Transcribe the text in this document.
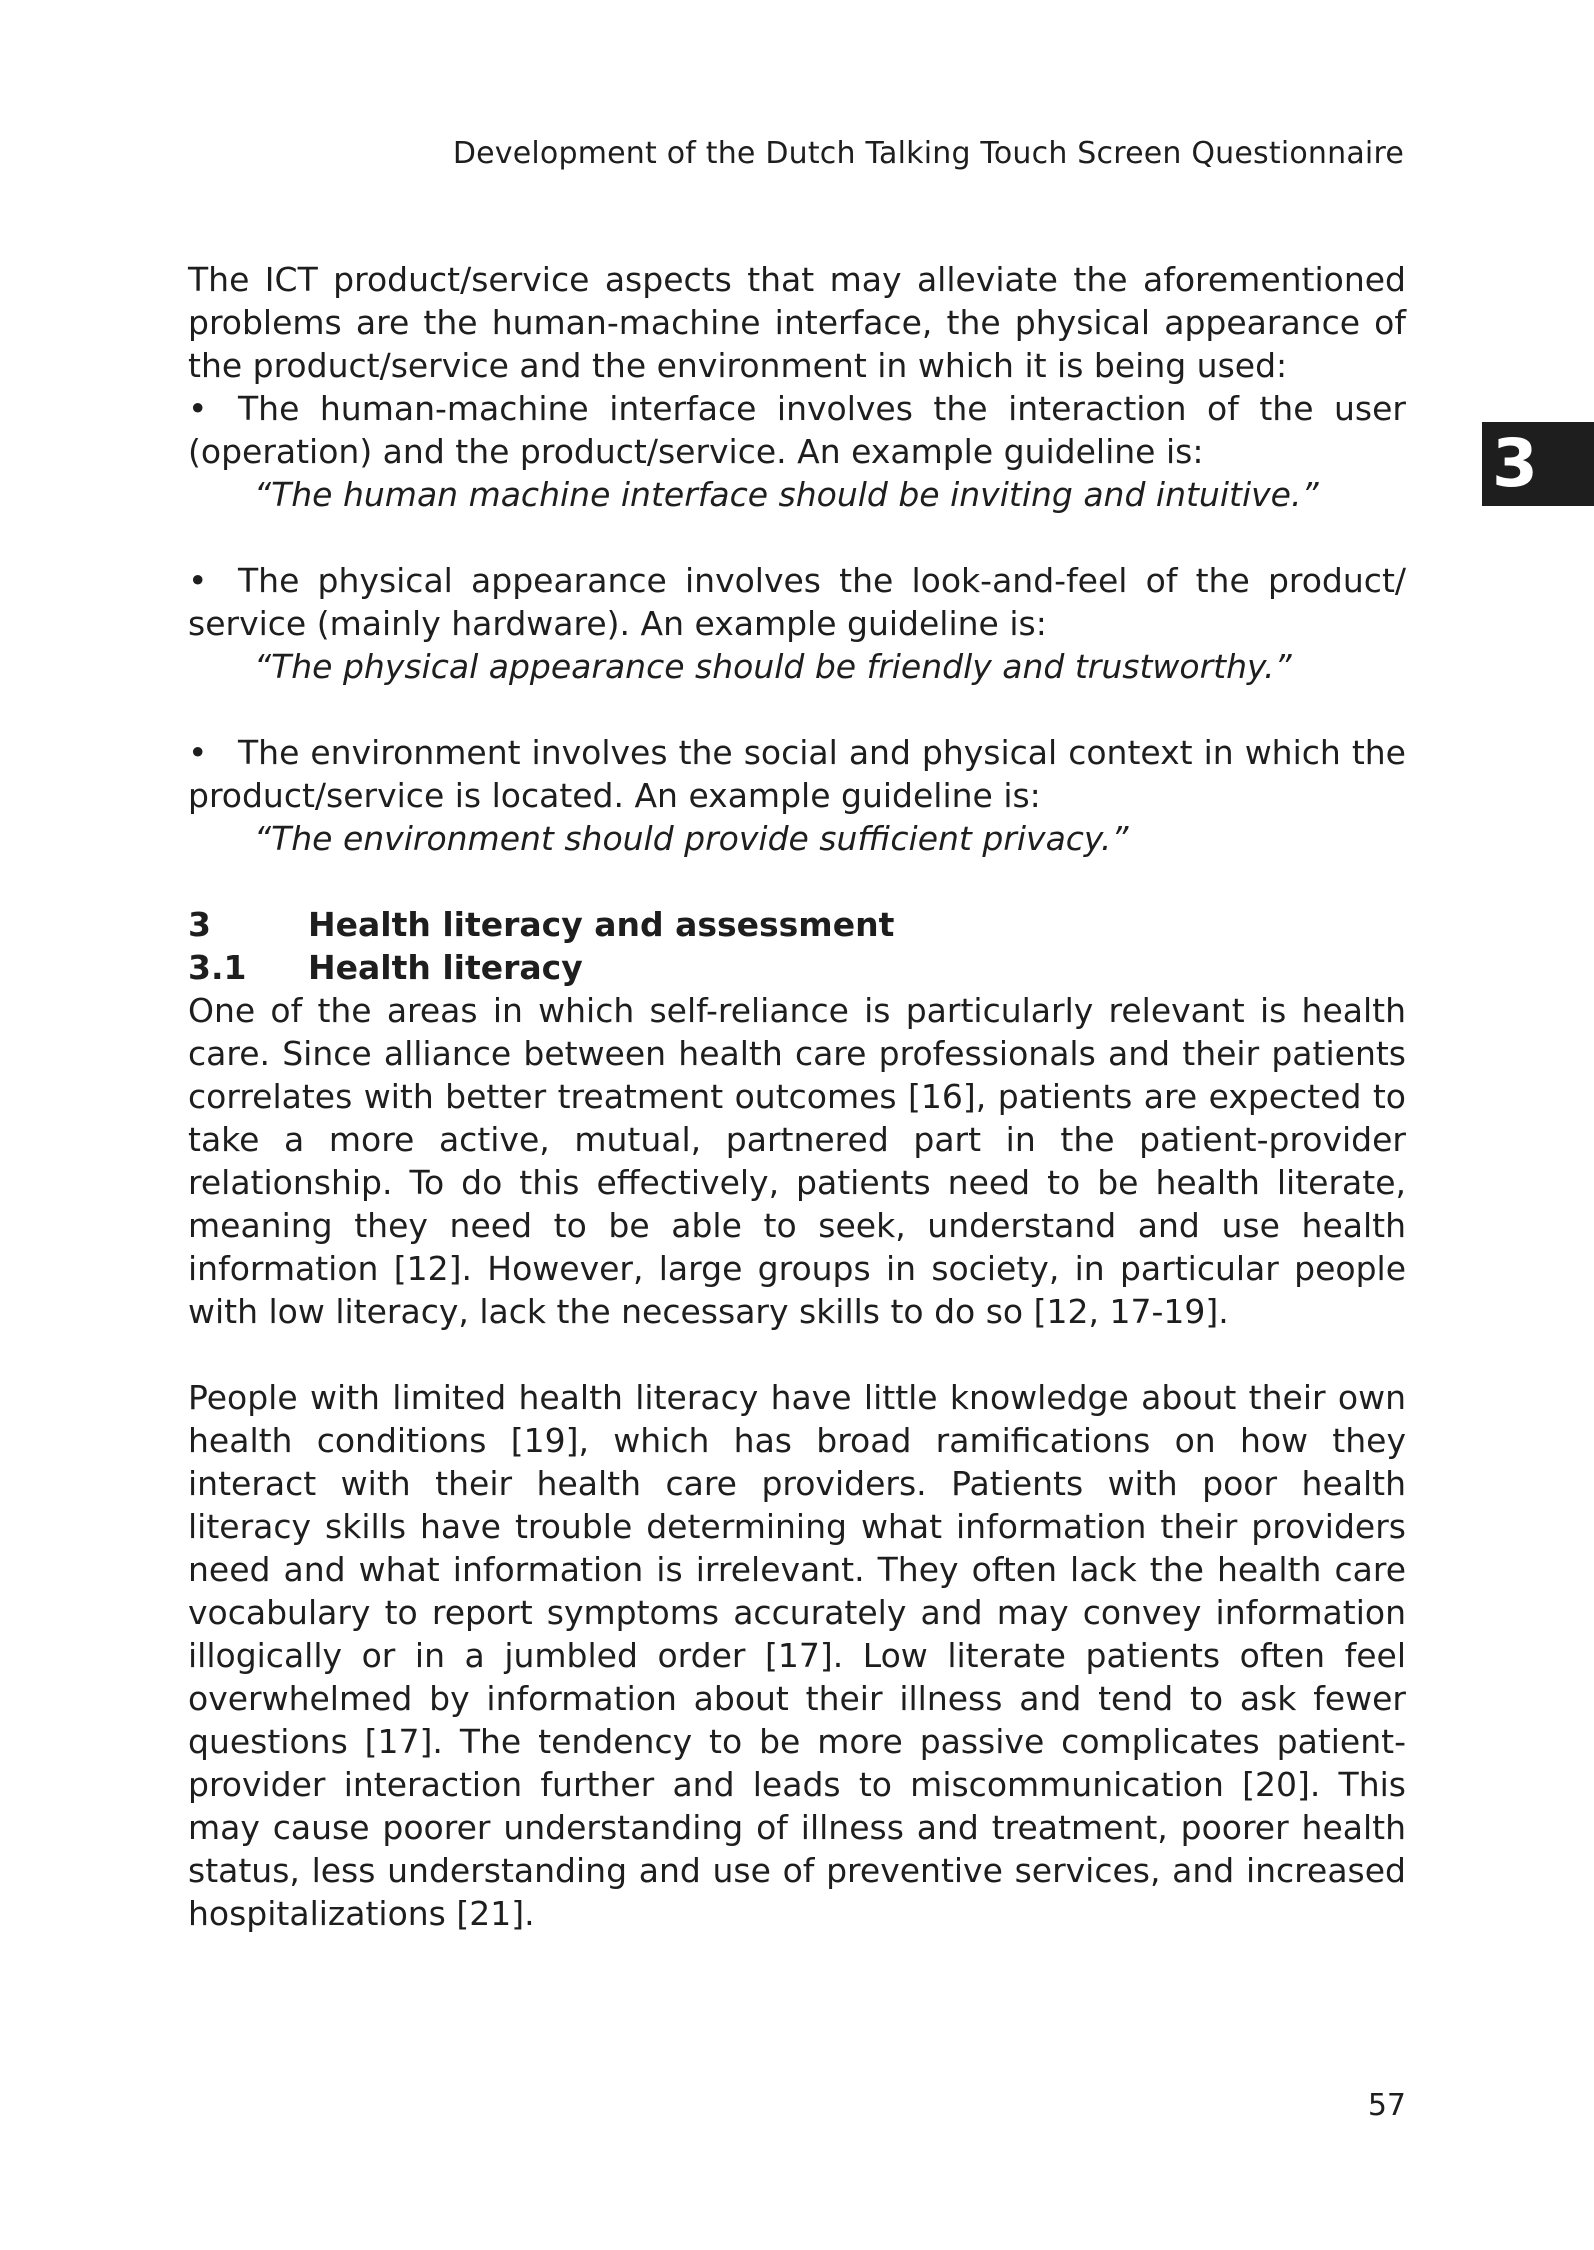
Development of the Dutch Talking Touch Screen Questionnaire
3

The ICT product/service aspects that may alleviate the aforementioned problems are the human-machine interface, the physical appearance of the product/service and the environment in which it is being used:

• The human-machine interface involves the interaction of the user (operation) and the product/service. An example guideline is:

“The human machine interface should be inviting and intuitive.”

• The physical appearance involves the look-and-feel of the product/ service (mainly hardware). An example guideline is:

“The physical appearance should be friendly and trustworthy.”

• The environment involves the social and physical context in which the product/service is located. An example guideline is:

“The environment should provide sufficient privacy.”

3	Health literacy and assessment

3.1 Health literacy

One of the areas in which self-reliance is particularly relevant is health care. Since alliance between health care professionals and their patients correlates with better treatment outcomes [16], patients are expected to take a more active, mutual, partnered part in the patient-provider relationship. To do this effectively, patients need to be health literate, meaning they need to be able to seek, understand and use health information [12]. However, large groups in society, in particular people with low literacy, lack the necessary skills to do so [12, 17-19].

People with limited health literacy have little knowledge about their own health conditions [19], which has broad ramifications on how they interact with their health care providers. Patients with poor health literacy skills have trouble determining what information their providers need and what information is irrelevant. They often lack the health care vocabulary to report symptoms accurately and may convey information illogically or in a jumbled order [17]. Low literate patients often feel overwhelmed by information about their illness and tend to ask fewer questions [17]. The tendency to be more passive complicates patient-provider interaction further and leads to miscommunication [20]. This may cause poorer understanding of illness and treatment, poorer health status, less understanding and use of preventive services, and increased hospitalizations [21].

57
